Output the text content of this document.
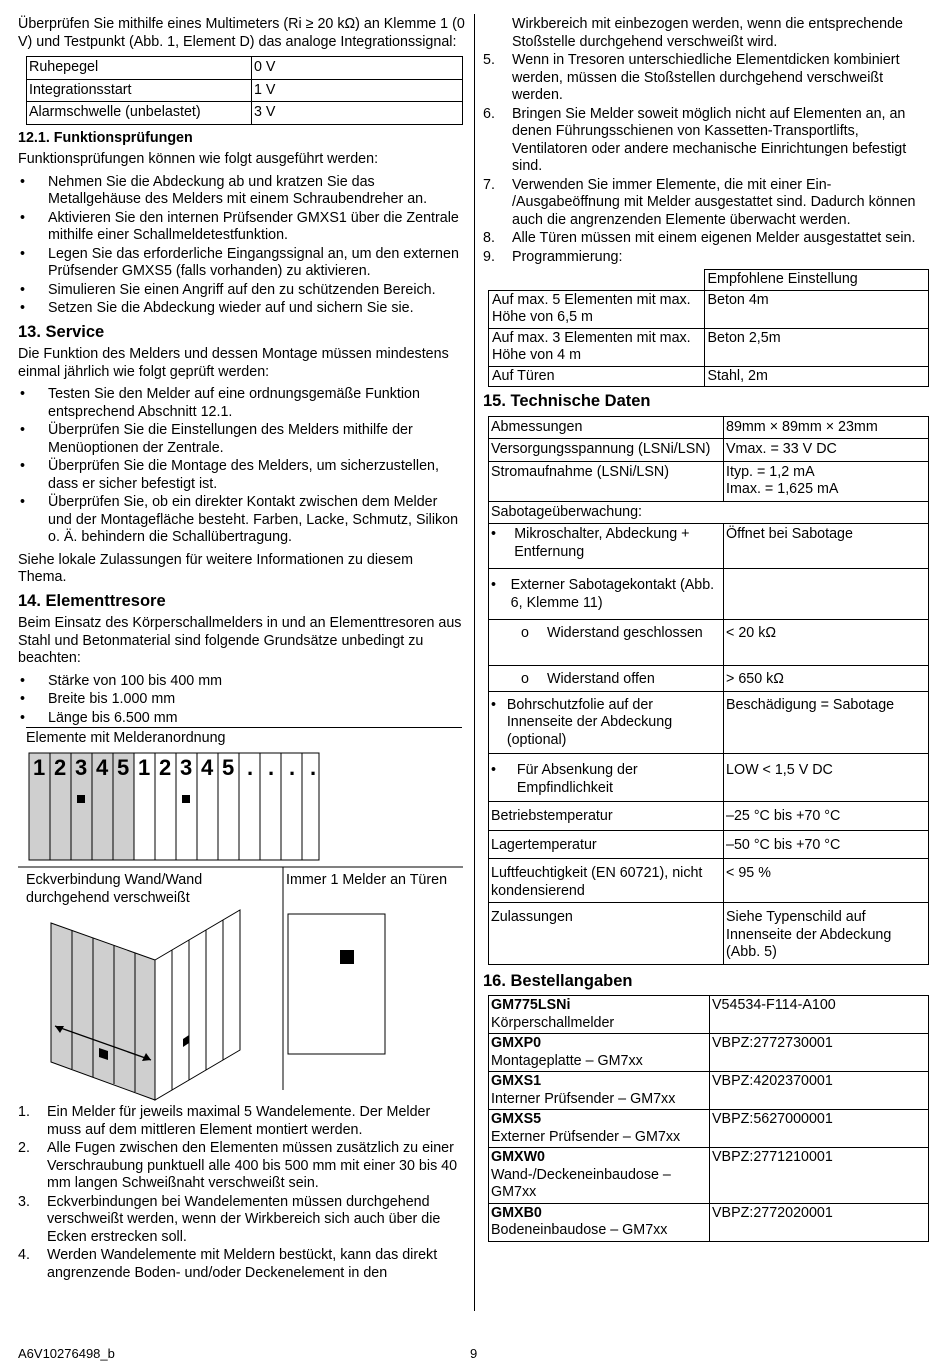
Überprüfen Sie mithilfe eines Multimeters (Ri ≥ 20 kΩ) an Klemme 1 (0 V) und Testpunkt (Abb. 1, Element D) das analoge Integrationssignal:

Ruhepegel	0 V
Integrationsstart	1 V
Alarmschwelle (unbelastet)	3 V
12.1. Funktionsprüfungen

Funktionsprüfungen können wie folgt ausgeführt werden:

• Nehmen Sie die Abdeckung ab und kratzen Sie das Metallgehäuse des Melders mit einem Schraubendreher an.
• Aktivieren Sie den internen Prüfsender GMXS1 über die Zentrale mithilfe einer Schallmeldetestfunktion.
• Legen Sie das erforderliche Eingangssignal an, um den externen Prüfsender GMXS5 (falls vorhanden) zu aktivieren.
• Simulieren Sie einen Angriff auf den zu schützenden Bereich.
• Setzen Sie die Abdeckung wieder auf und sichern Sie sie.
13. Service

Die Funktion des Melders und dessen Montage müssen mindestens einmal jährlich wie folgt geprüft werden:

• Testen Sie den Melder auf eine ordnungsgemäße Funktion entsprechend Abschnitt 12.1.
• Überprüfen Sie die Einstellungen des Melders mithilfe der Menüoptionen der Zentrale.
• Überprüfen Sie die Montage des Melders, um sicherzustellen, dass er sicher befestigt ist.
• Überprüfen Sie, ob ein direkter Kontakt zwischen dem Melder und der Montagefläche besteht. Farben, Lacke, Schmutz, Silikon o. Ä. behindern die Schallübertragung.

Siehe lokale Zulassungen für weitere Informationen zu diesem Thema.

14. Elementtresore

Beim Einsatz des Körperschallmelders in und an Elementtresoren aus Stahl und Betonmaterial sind folgende Grundsätze unbedingt zu beachten:

• Stärke von 100 bis 400 mm
• Breite bis 1.000 mm
• Länge bis 6.500 mm
Elemente mit Melderanordnung
1 2 3 4 5 1 2 3 4 5 . . . .
Eckverbindung Wand/Wand durchgehend verschweißt
Immer 1 Melder an Türen
1. Ein Melder für jeweils maximal 5 Wandelemente. Der Melder muss auf dem mittleren Element montiert werden.
2. Alle Fugen zwischen den Elementen müssen zusätzlich zu einer Verschraubung punktuell alle 400 bis 500 mm mit einer 30 bis 40 mm langen Schweißnaht verschweißt sein.
3. Eckverbindungen bei Wandelementen müssen durchgehend verschweißt werden, wenn der Wirkbereich sich auch über die Ecken erstrecken soll.
4. Werden Wandelemente mit Meldern bestückt, kann das direkt angrenzende Boden- und/oder Deckenelement in den

Wirkbereich mit einbezogen werden, wenn die entsprechende Stoßstelle durchgehend verschweißt wird.

5. Wenn in Tresoren unterschiedliche Elementdicken kombiniert werden, müssen die Stoßstellen durchgehend verschweißt werden.
6. Bringen Sie Melder soweit möglich nicht auf Elementen an, an denen Führungsschienen von Kassetten-Transportlifts, Ventilatoren oder andere mechanische Einrichtungen befestigt sind.
7. Verwenden Sie immer Elemente, die mit einer Ein- /Ausgabeöffnung mit Melder ausgestattet sind. Dadurch können auch die angrenzenden Elemente überwacht werden.
8. Alle Türen müssen mit einem eigenen Melder ausgestattet sein.
9. Programmierung:
	Empfohlene Einstellung
Auf max. 5 Elementen mit max. Höhe von 6,5 m	Beton 4m
Auf max. 3 Elementen mit max. Höhe von 4 m	Beton 2,5m
Auf Türen	Stahl, 2m
15. Technische Daten
Abmessungen	89mm × 89mm × 23mm
Versorgungsspannung (LSNi/LSN)	Vmax. = 33 V DC
Stromaufnahme (LSNi/LSN)	Ityp. = 1,2 mA
Imax. = 1,625 mA

Sabotageüberwachung:	

• Mikroschalter, Abdeckung + Entfernung	Öffnet bei Sabotage

• Externer Sabotagekontakt (Abb. 6, Klemme 11)	

o Widerstand geschlossen	< 20 kΩ

o Widerstand offen	> 650 kΩ

• Bohrschutzfolie auf der Innenseite der Abdeckung (optional)	Beschädigung = Sabotage

• Für Absenkung der Empfindlichkeit	LOW < 1,5 V DC
Betriebstemperatur	–25 °C bis +70 °C
Lagertemperatur	–50 °C bis +70 °C
Luftfeuchtigkeit (EN 60721), nicht kondensierend	< 95 %
Zulassungen	Siehe Typenschild auf Innenseite der Abdeckung (Abb. 5)
16. Bestellangaben
GM775LSNi
Körperschallmelder	V54534-F114-A100
GMXP0
Montageplatte – GM7xx	VBPZ:2772730001
GMXS1
Interner Prüfsender – GM7xx	VBPZ:4202370001
GMXS5
Externer Prüfsender – GM7xx	VBPZ:5627000001
GMXW0
Wand-/Deckeneinbaudose – GM7xx	VBPZ:2771210001
GMXB0
Bodeneinbaudose – GM7xx	VBPZ:2772020001
A6V10276498_b	9
